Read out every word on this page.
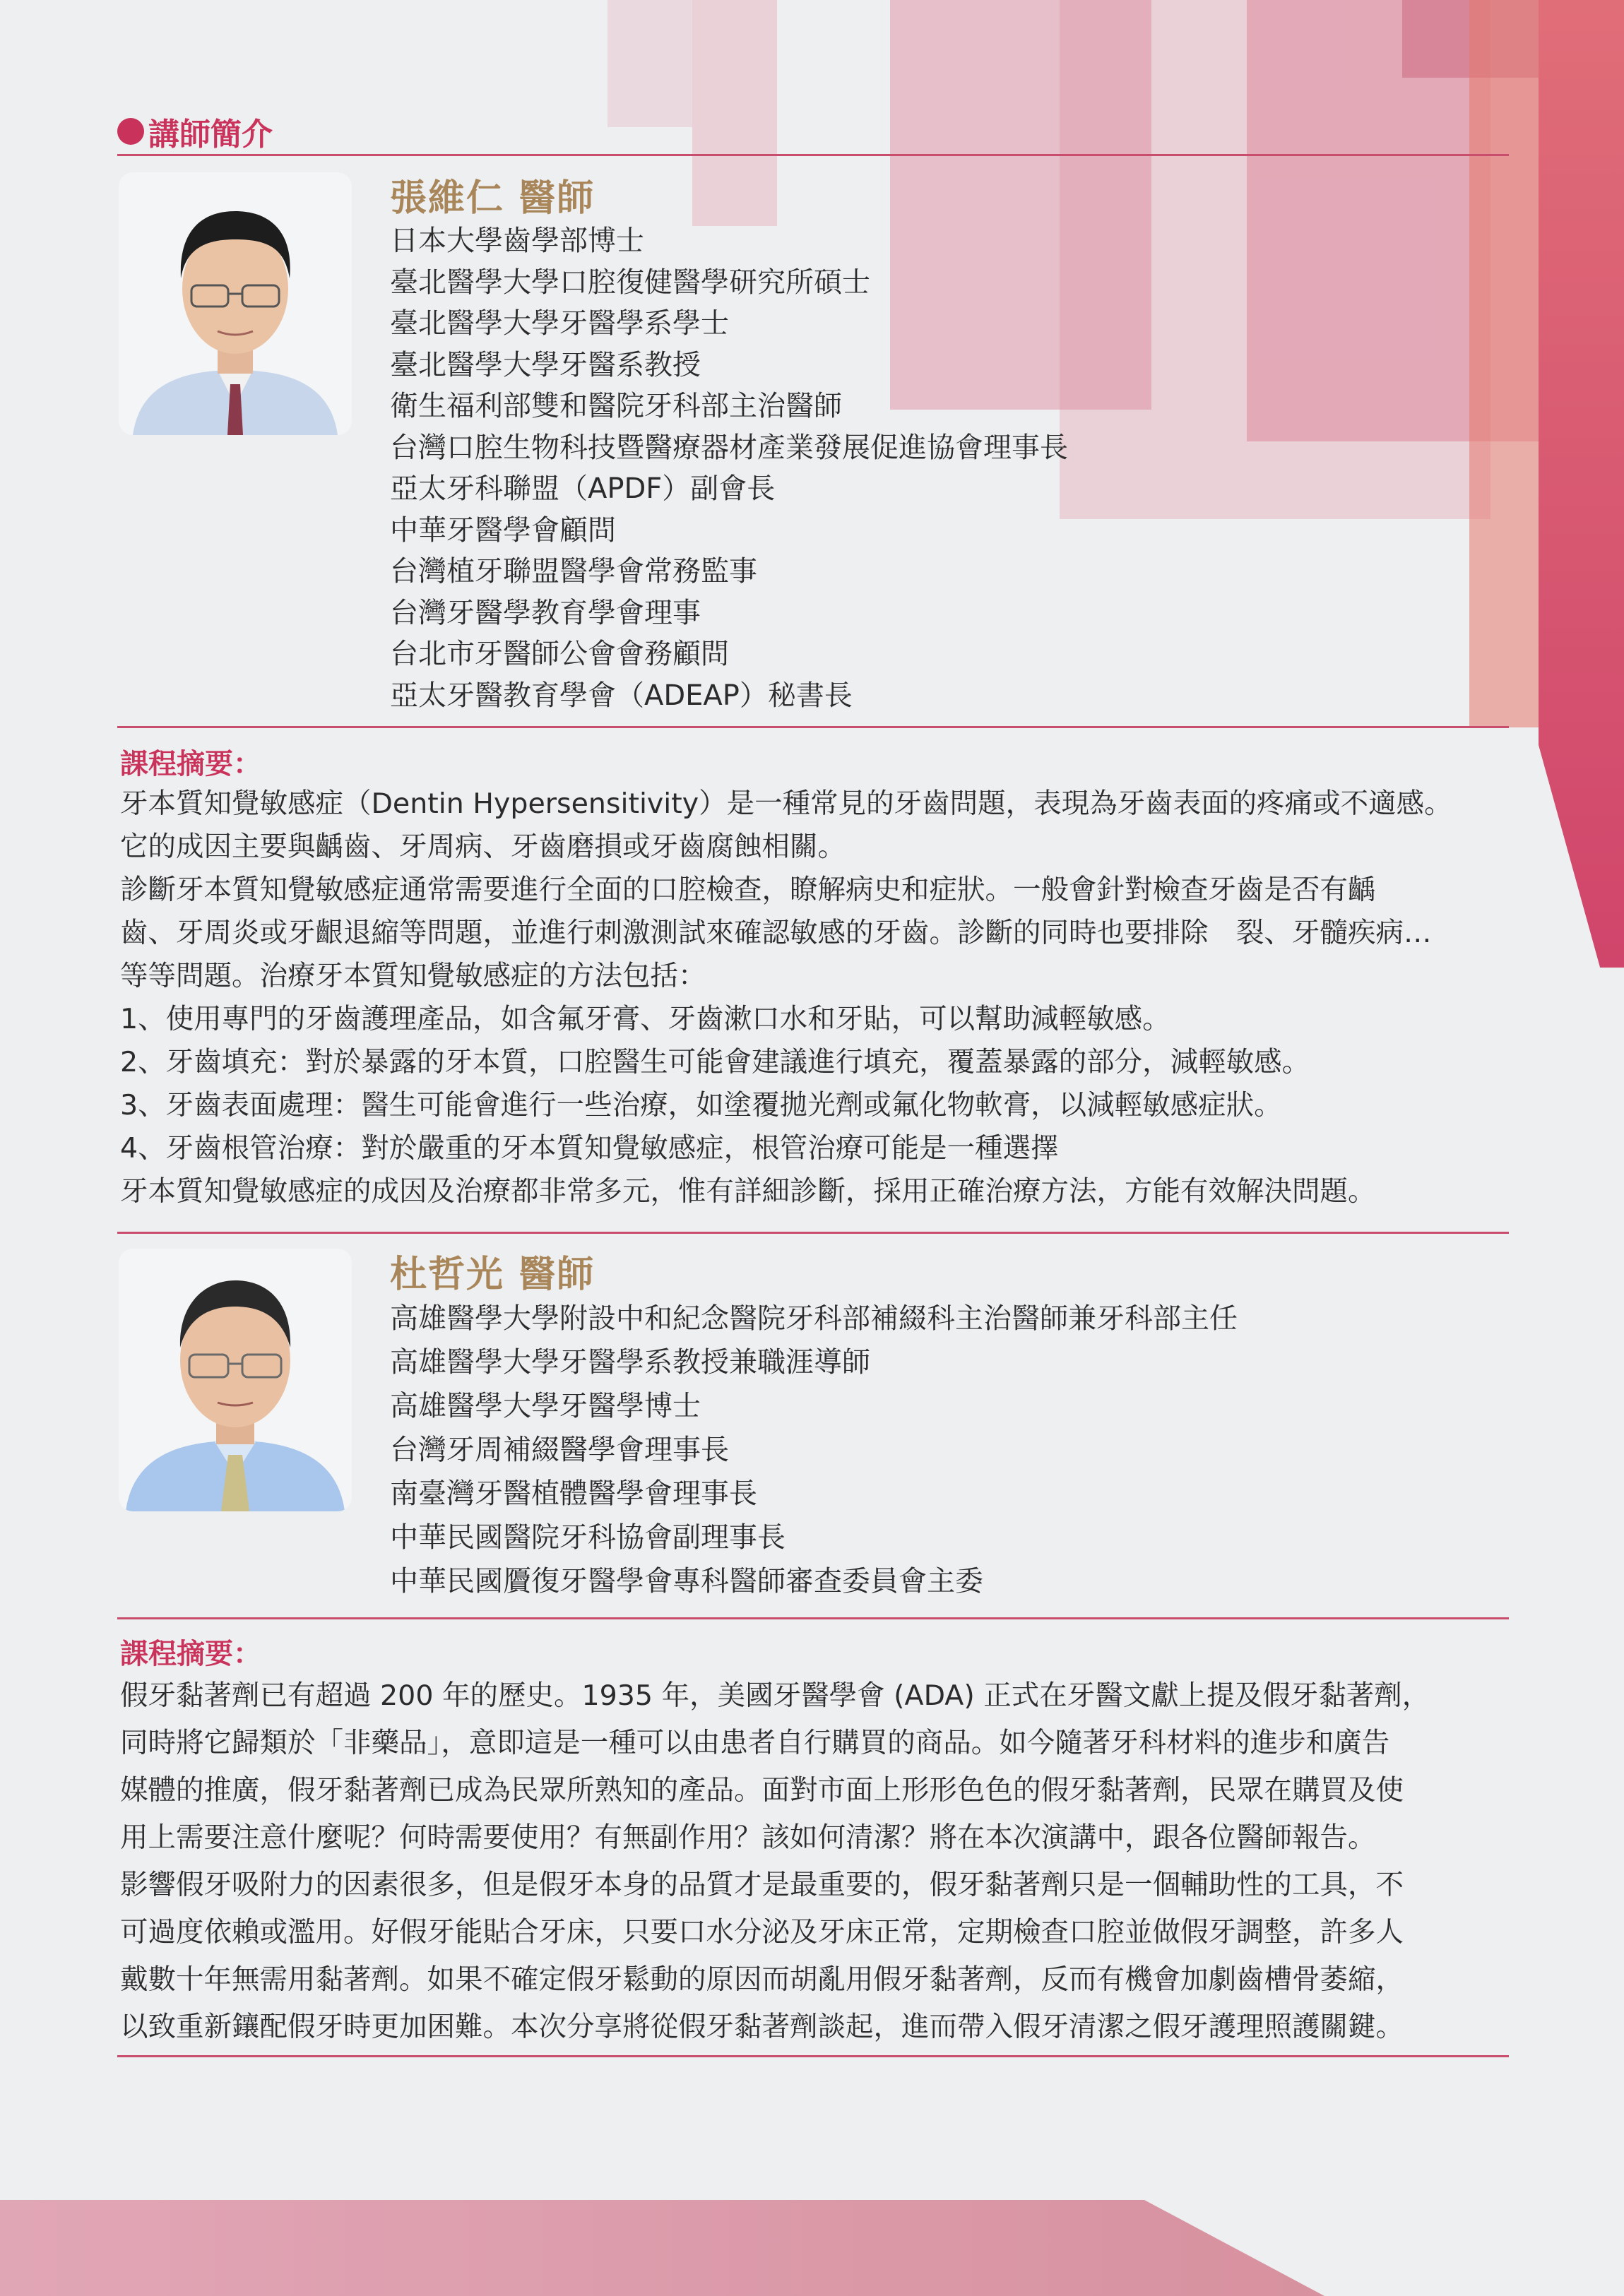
講師簡介
張維仁 醫師
日本大學齒學部博士
臺北醫學大學口腔復健醫學研究所碩士
臺北醫學大學牙醫學系學士
臺北醫學大學牙醫系教授
衛生福利部雙和醫院牙科部主治醫師
台灣口腔生物科技暨醫療器材產業發展促進協會理事長
亞太牙科聯盟（APDF）副會長
中華牙醫學會顧問
台灣植牙聯盟醫學會常務監事
台灣牙醫學教育學會理事
台北市牙醫師公會會務顧問
亞太牙醫教育學會（ADEAP）秘書長
課程摘要：

牙本質知覺敏感症（Dentin Hypersensitivity）是一種常見的牙齒問題，表現為牙齒表面的疼痛或不適感。

它的成因主要與齲齒、牙周病、牙齒磨損或牙齒腐蝕相關。

診斷牙本質知覺敏感症通常需要進行全面的口腔檢查，瞭解病史和症狀。一般會針對檢查牙齒是否有齲

齒、牙周炎或牙齦退縮等問題，並進行刺激測試來確認敏感的牙齒。診斷的同時也要排除　裂、牙髓疾病…

等等問題。治療牙本質知覺敏感症的方法包括：

1、使用專門的牙齒護理產品，如含氟牙膏、牙齒漱口水和牙貼，可以幫助減輕敏感。

2、牙齒填充：對於暴露的牙本質，口腔醫生可能會建議進行填充，覆蓋暴露的部分，減輕敏感。

3、牙齒表面處理：醫生可能會進行一些治療，如塗覆拋光劑或氟化物軟膏，以減輕敏感症狀。

4、牙齒根管治療：對於嚴重的牙本質知覺敏感症，根管治療可能是一種選擇

牙本質知覺敏感症的成因及治療都非常多元，惟有詳細診斷，採用正確治療方法，方能有效解決問題。

杜哲光 醫師
高雄醫學大學附設中和紀念醫院牙科部補綴科主治醫師兼牙科部主任
高雄醫學大學牙醫學系教授兼職涯導師
高雄醫學大學牙醫學博士
台灣牙周補綴醫學會理事長
南臺灣牙醫植體醫學會理事長
中華民國醫院牙科協會副理事長
中華民國贗復牙醫學會專科醫師審查委員會主委
課程摘要：

假牙黏著劑已有超過 200 年的歷史。1935 年，美國牙醫學會 (ADA) 正式在牙醫文獻上提及假牙黏著劑，

同時將它歸類於「非藥品」，意即這是一種可以由患者自行購買的商品。如今隨著牙科材料的進步和廣告

媒體的推廣，假牙黏著劑已成為民眾所熟知的產品。面對市面上形形色色的假牙黏著劑，民眾在購買及使

用上需要注意什麼呢？何時需要使用？有無副作用？該如何清潔？將在本次演講中，跟各位醫師報告。

影響假牙吸附力的因素很多，但是假牙本身的品質才是最重要的，假牙黏著劑只是一個輔助性的工具，不

可過度依賴或濫用。好假牙能貼合牙床，只要口水分泌及牙床正常，定期檢查口腔並做假牙調整，許多人

戴數十年無需用黏著劑。如果不確定假牙鬆動的原因而胡亂用假牙黏著劑，反而有機會加劇齒槽骨萎縮，

以致重新鑲配假牙時更加困難。本次分享將從假牙黏著劑談起，進而帶入假牙清潔之假牙護理照護關鍵。
